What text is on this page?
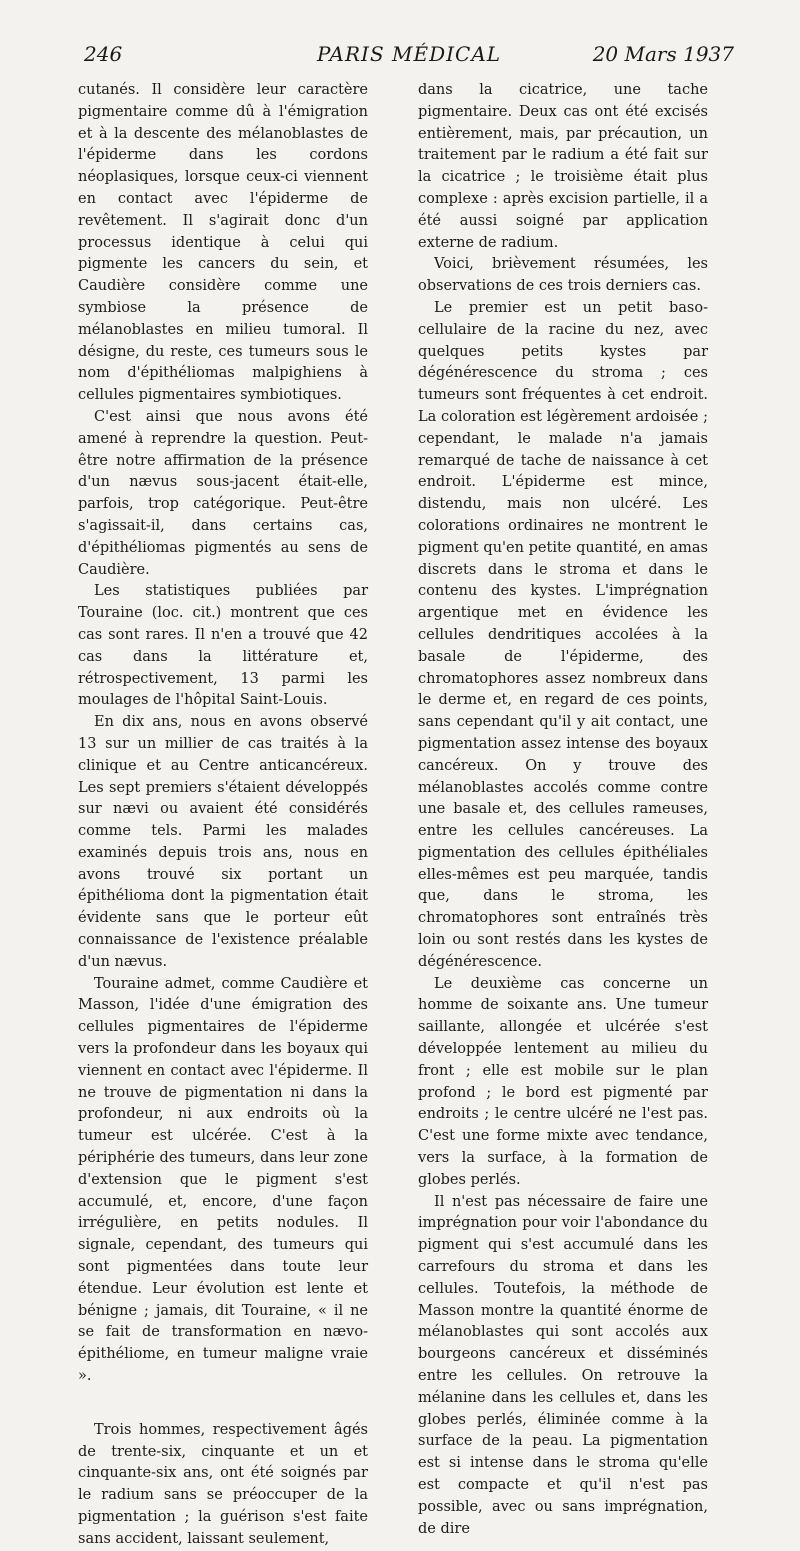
246	PARIS MÉDICAL	20 Mars 1937

cutanés. Il considère leur caractère pigmentaire comme dû à l'émigration et à la descente des mélanoblastes de l'épiderme dans les cordons néoplasiques, lorsque ceux-ci viennent en contact avec l'épiderme de revêtement. Il s'agirait donc d'un processus identique à celui qui pigmente les cancers du sein, et Caudière considère comme une symbiose la présence de mélanoblastes en milieu tumoral. Il désigne, du reste, ces tumeurs sous le nom d'épithéliomas malpighiens à cellules pigmentaires symbiotiques.

C'est ainsi que nous avons été amené à reprendre la question. Peut-être notre affirmation de la présence d'un nævus sous-jacent était-elle, parfois, trop catégorique. Peut-être s'agissait-il, dans certains cas, d'épithéliomas pigmentés au sens de Caudière.

Les statistiques publiées par Touraine (loc. cit.) montrent que ces cas sont rares. Il n'en a trouvé que 42 cas dans la littérature et, rétrospectivement, 13 parmi les moulages de l'hôpital Saint-Louis.

En dix ans, nous en avons observé 13 sur un millier de cas traités à la clinique et au Centre anticancéreux. Les sept premiers s'étaient développés sur nævi ou avaient été considérés comme tels. Parmi les malades examinés depuis trois ans, nous en avons trouvé six portant un épithélioma dont la pigmentation était évidente sans que le porteur eût connaissance de l'existence préalable d'un nævus.

Touraine admet, comme Caudière et Masson, l'idée d'une émigration des cellules pigmentaires de l'épiderme vers la profondeur dans les boyaux qui viennent en contact avec l'épiderme. Il ne trouve de pigmentation ni dans la profondeur, ni aux endroits où la tumeur est ulcérée. C'est à la périphérie des tumeurs, dans leur zone d'extension que le pigment s'est accumulé, et, encore, d'une façon irrégulière, en petits nodules. Il signale, cependant, des tumeurs qui sont pigmentées dans toute leur étendue. Leur évolution est lente et bénigne ; jamais, dit Touraine, « il ne se fait de transformation en nævo-épithéliome, en tumeur maligne vraie ».

Trois hommes, respectivement âgés de trente-six, cinquante et un et cinquante-six ans, ont été soignés par le radium sans se préoccuper de la pigmentation ; la guérison s'est faite sans accident, laissant seulement,

dans la cicatrice, une tache pigmentaire. Deux cas ont été excisés entièrement, mais, par précaution, un traitement par le radium a été fait sur la cicatrice ; le troisième était plus complexe : après excision partielle, il a été aussi soigné par application externe de radium.

Voici, brièvement résumées, les observations de ces trois derniers cas.

Le premier est un petit baso-cellulaire de la racine du nez, avec quelques petits kystes par dégénérescence du stroma ; ces tumeurs sont fréquentes à cet endroit. La coloration est légèrement ardoisée ; cependant, le malade n'a jamais remarqué de tache de naissance à cet endroit. L'épiderme est mince, distendu, mais non ulcéré. Les colorations ordinaires ne montrent le pigment qu'en petite quantité, en amas discrets dans le stroma et dans le contenu des kystes. L'imprégnation argentique met en évidence les cellules dendritiques accolées à la basale de l'épiderme, des chromatophores assez nombreux dans le derme et, en regard de ces points, sans cependant qu'il y ait contact, une pigmentation assez intense des boyaux cancéreux. On y trouve des mélanoblastes accolés comme contre une basale et, des cellules rameuses, entre les cellules cancéreuses. La pigmentation des cellules épithéliales elles-mêmes est peu marquée, tandis que, dans le stroma, les chromatophores sont entraînés très loin ou sont restés dans les kystes de dégénérescence.

Le deuxième cas concerne un homme de soixante ans. Une tumeur saillante, allongée et ulcérée s'est développée lentement au milieu du front ; elle est mobile sur le plan profond ; le bord est pigmenté par endroits ; le centre ulcéré ne l'est pas. C'est une forme mixte avec tendance, vers la surface, à la formation de globes perlés.

Il n'est pas nécessaire de faire une imprégnation pour voir l'abondance du pigment qui s'est accumulé dans les carrefours du stroma et dans les cellules. Toutefois, la méthode de Masson montre la quantité énorme de mélanoblastes qui sont accolés aux bourgeons cancéreux et disséminés entre les cellules. On retrouve la mélanine dans les cellules et, dans les globes perlés, éliminée comme à la surface de la peau. La pigmentation est si intense dans le stroma qu'elle est compacte et qu'il n'est pas possible, avec ou sans imprégnation, de dire
